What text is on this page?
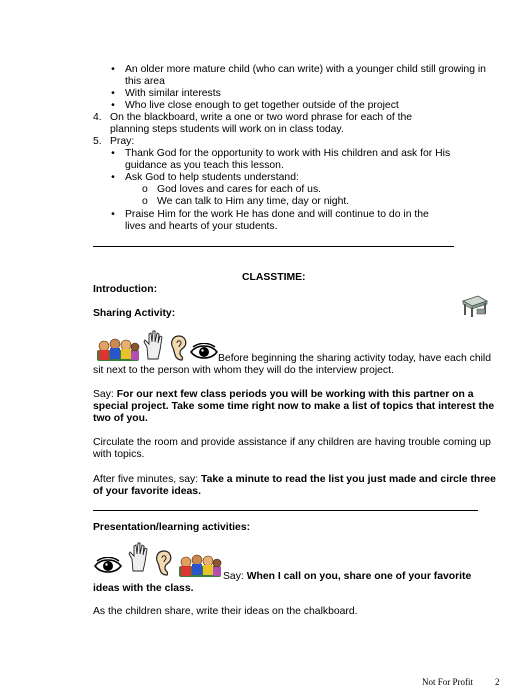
• An older more mature child (who can write) with a younger child still growing in
this area
• With similar interests
• Who live close enough to get together outside of the project
4. On the blackboard, write a one or two word phrase for each of the
planning steps students will work on in class today.
5. Pray:
• Thank God for the opportunity to work with His children and ask for His
guidance as you teach this lesson.
• Ask God to help students understand:
o God loves and cares for each of us.
o We can talk to Him any time, day or night.
• Praise Him for the work He has done and will continue to do in the
lives and hearts of your students.
CLASSTIME:
Introduction:
Sharing Activity:
Before beginning the sharing activity today, have each child
sit next to the person with whom they will do the interview project.
Say: For our next few class periods you will be working with this partner on a
special project. Take some time right now to make a list of topics that interest the
two of you.
Circulate the room and provide assistance if any children are having trouble coming up
with topics.
After five minutes, say: Take a minute to read the list you just made and circle three
of your favorite ideas.
Presentation/learning activities:
Say: When I call on you, share one of your favorite
ideas with the class.
As the children share, write their ideas on the chalkboard.
Not For Profit 2
